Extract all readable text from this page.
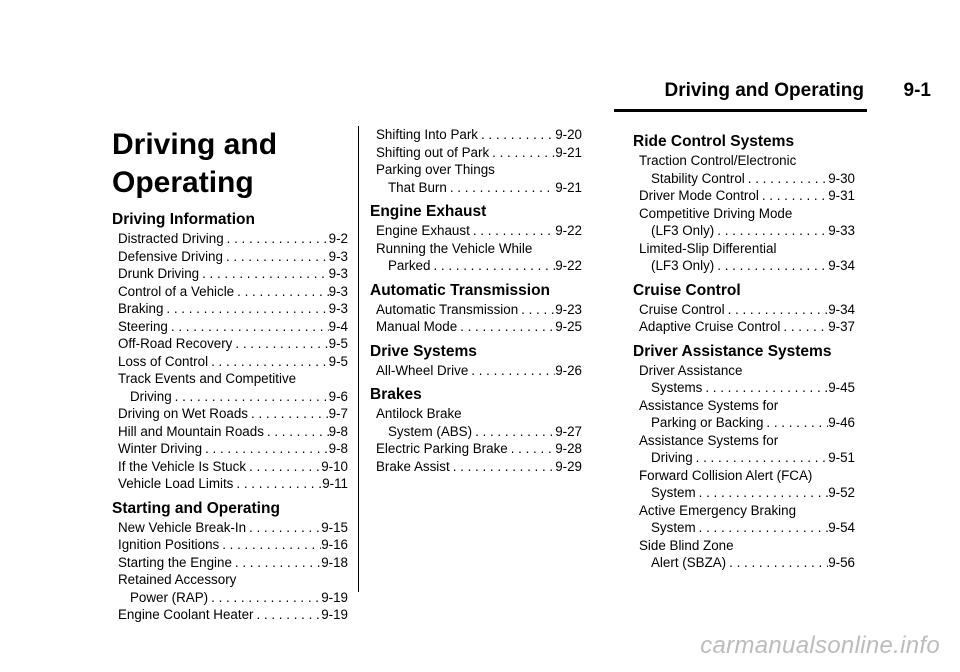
Driving and Operating 9-1
Driving and
Operating
Driving Information
Distracted Driving . . .	9-2
Defensive Driving . . .	9-3
Drunk Driving . . .	9-3
Control of a Vehicle . . .	9-3
Braking . . .	9-3
Steering . . .	9-4
Off-Road Recovery . . .	9-5
Loss of Control . . .	9-5
Track Events and Competitive
Driving . . .	9-6
Driving on Wet Roads . . .	9-7
Hill and Mountain Roads . . .	9-8
Winter Driving . . .	9-8
If the Vehicle Is Stuck . . .	9-10
Vehicle Load Limits . . .	9-11
Starting and Operating
New Vehicle Break-In . . .	9-15
Ignition Positions . . .	9-16
Starting the Engine . . .	9-18
Retained Accessory
Power (RAP) . . .	9-19
Engine Coolant Heater . . .	9-19
Shifting Into Park . . .	9-20
Shifting out of Park . . .	9-21
Parking over Things
That Burn . . .	9-21
Engine Exhaust
Engine Exhaust . . .	9-22
Running the Vehicle While
Parked . . .	9-22
Automatic Transmission
Automatic Transmission . . .	9-23
Manual Mode . . .	9-25
Drive Systems
All-Wheel Drive . . .	9-26
Brakes
Antilock Brake
System (ABS) . . .	9-27
Electric Parking Brake . . .	9-28
Brake Assist . . .	9-29
Ride Control Systems
Traction Control/Electronic
Stability Control . . .	9-30
Driver Mode Control . . .	9-31
Competitive Driving Mode
(LF3 Only) . . .	9-33
Limited-Slip Differential
(LF3 Only) . . .	9-34
Cruise Control
Cruise Control . . .	9-34
Adaptive Cruise Control . . .	9-37
Driver Assistance Systems
Driver Assistance
Systems . . .	9-45
Assistance Systems for
Parking or Backing . . .	9-46
Assistance Systems for
Driving . . .	9-51
Forward Collision Alert (FCA)
System . . .	9-52
Active Emergency Braking
System . . .	9-54
Side Blind Zone
Alert (SBZA) . . .	9-56
carmanualsonline.info
